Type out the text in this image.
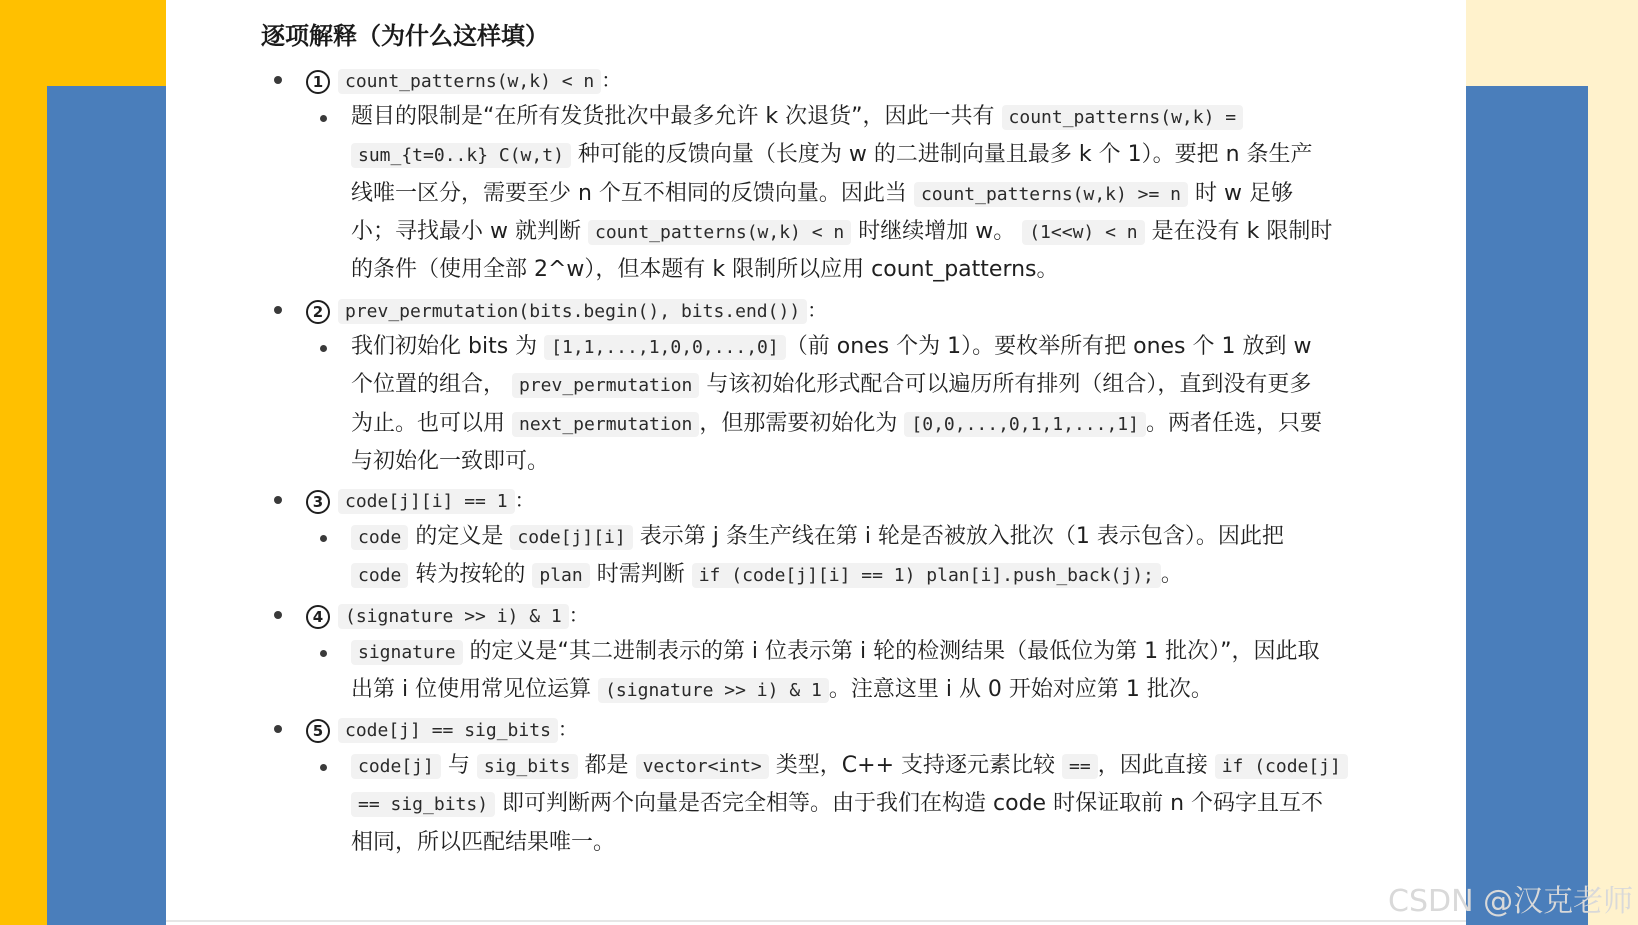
逐项解释（为什么这样填）
1 count_patterns(w,k) < n ：
题目的限制是“在所有发货批次中最多允许 k 次退货”，因此一共有 count_patterns(w,k) =
sum_{t=0..k} C(w,t) 种可能的反馈向量（长度为 w 的二进制向量且最多 k 个 1）。要把 n 条生产
线唯一区分，需要至少 n 个互不相同的反馈向量。因此当 count_patterns(w,k) >= n 时 w 足够
小；寻找最小 w 就判断 count_patterns(w,k) < n 时继续增加 w。 (1<<w) < n 是在没有 k 限制时
的条件（使用全部 2^w），但本题有 k 限制所以应用 count_patterns。
2 prev_permutation(bits.begin(), bits.end()) ：
我们初始化 bits 为 [1,1,...,1,0,0,...,0] （前 ones 个为 1）。要枚举所有把 ones 个 1 放到 w
个位置的组合， prev_permutation 与该初始化形式配合可以遍历所有排列（组合），直到没有更多
为止。也可以用 next_permutation ，但那需要初始化为 [0,0,...,0,1,1,...,1] 。两者任选，只要
与初始化一致即可。
3 code[j][i] == 1 ：
code 的定义是 code[j][i] 表示第 j 条生产线在第 i 轮是否被放入批次（1 表示包含）。因此把
code 转为按轮的 plan 时需判断 if (code[j][i] == 1) plan[i].push_back(j); 。
4 (signature >> i) & 1 ：
signature 的定义是“其二进制表示的第 i 位表示第 i 轮的检测结果（最低位为第 1 批次）”，因此取
出第 i 位使用常见位运算 (signature >> i) & 1 。注意这里 i 从 0 开始对应第 1 批次。
5 code[j] == sig_bits ：
code[j] 与 sig_bits 都是 vector<int> 类型，C++ 支持逐元素比较 == ，因此直接 if (code[j]
== sig_bits) 即可判断两个向量是否完全相等。由于我们在构造 code 时保证取前 n 个码字且互不
相同，所以匹配结果唯一。
CSDN @汉克老师
